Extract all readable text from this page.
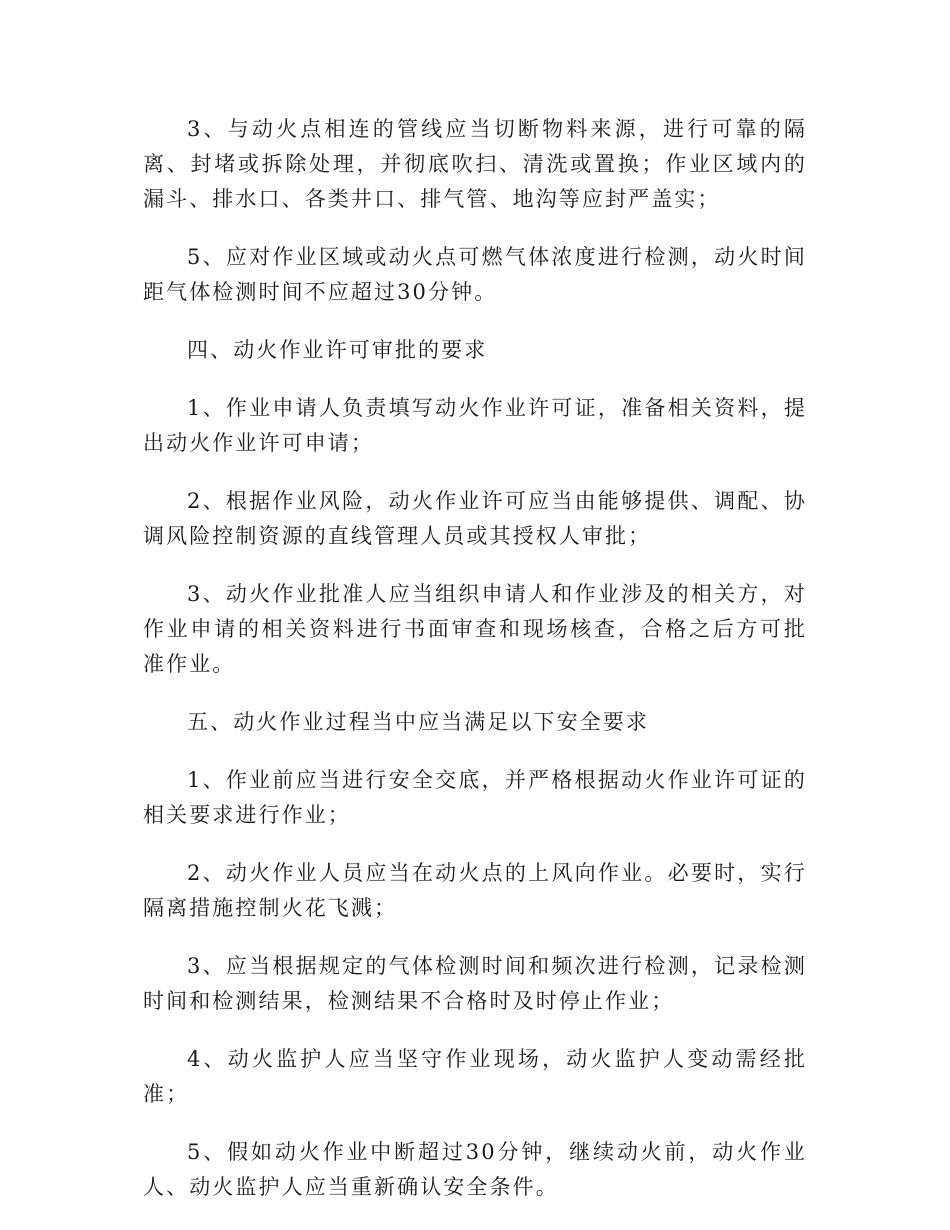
3、与动火点相连的管线应当切断物料来源，进行可靠的隔离、封堵或拆除处理，并彻底吹扫、清洗或置换；作业区域内的漏斗、排水口、各类井口、排气管、地沟等应封严盖实；

5、应对作业区域或动火点可燃气体浓度进行检测，动火时间距气体检测时间不应超过30分钟。

四、动火作业许可审批的要求

1、作业申请人负责填写动火作业许可证，准备相关资料，提出动火作业许可申请；

2、根据作业风险，动火作业许可应当由能够提供、调配、协调风险控制资源的直线管理人员或其授权人审批；

3、动火作业批准人应当组织申请人和作业涉及的相关方，对作业申请的相关资料进行书面审查和现场核查，合格之后方可批准作业。

五、动火作业过程当中应当满足以下安全要求

1、作业前应当进行安全交底，并严格根据动火作业许可证的相关要求进行作业；

2、动火作业人员应当在动火点的上风向作业。必要时，实行隔离措施控制火花飞溅；

3、应当根据规定的气体检测时间和频次进行检测，记录检测时间和检测结果，检测结果不合格时及时停止作业；

4、动火监护人应当坚守作业现场，动火监护人变动需经批准；

5、假如动火作业中断超过30分钟，继续动火前，动火作业人、动火监护人应当重新确认安全条件。
